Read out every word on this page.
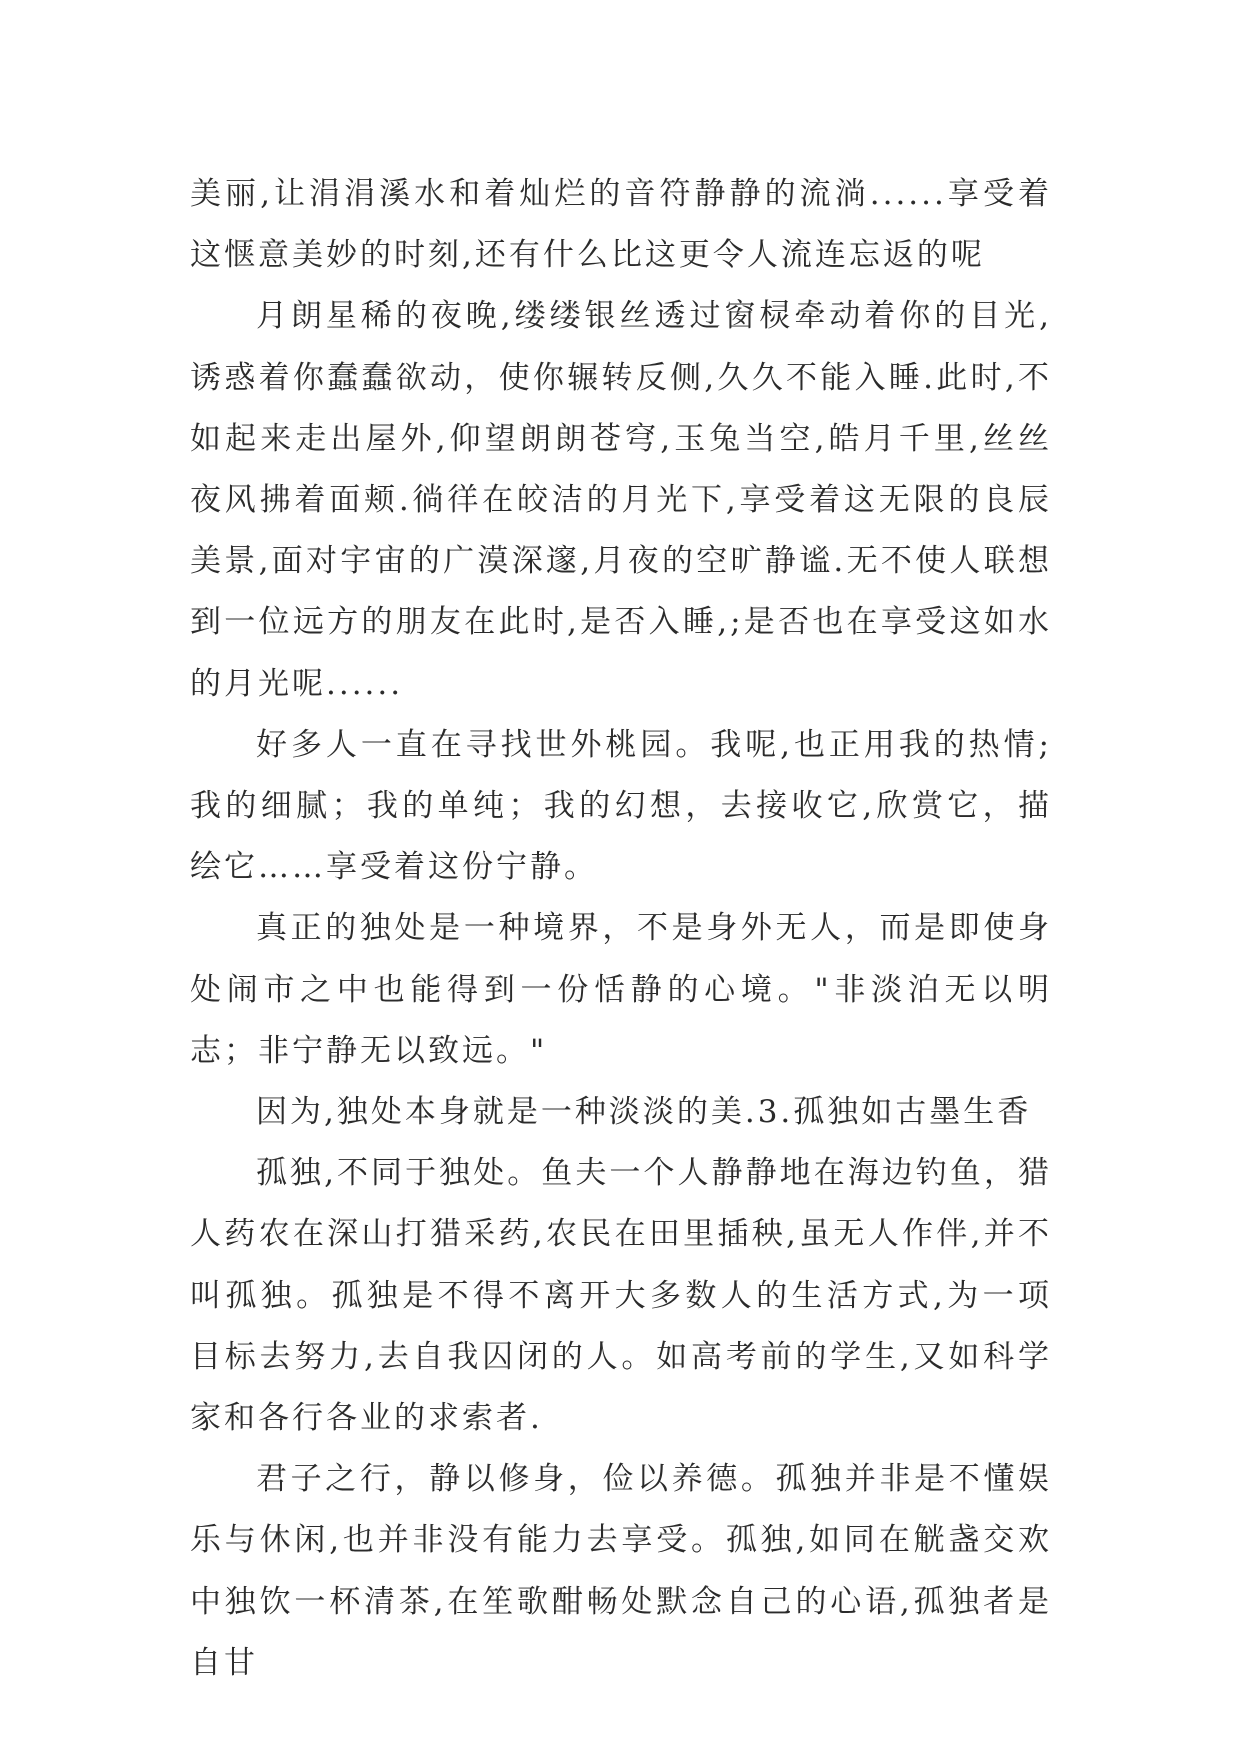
美丽,让涓涓溪水和着灿烂的音符静静的流淌......享受着这惬意美妙的时刻,还有什么比这更令人流连忘返的呢

月朗星稀的夜晚,缕缕银丝透过窗棂牵动着你的目光,诱惑着你蠢蠢欲动，使你辗转反侧,久久不能入睡.此时,不如起来走出屋外,仰望朗朗苍穹,玉兔当空,皓月千里,丝丝夜风拂着面颊.徜徉在皎洁的月光下,享受着这无限的良辰美景,面对宇宙的广漠深邃,月夜的空旷静谧.无不使人联想到一位远方的朋友在此时,是否入睡,;是否也在享受这如水的月光呢......

好多人一直在寻找世外桃园。我呢,也正用我的热情;我的细腻；我的单纯；我的幻想，去接收它,欣赏它，描绘它……享受着这份宁静。

真正的独处是一种境界，不是身外无人，而是即使身处闹市之中也能得到一份恬静的心境。"非淡泊无以明志；非宁静无以致远。"

因为,独处本身就是一种淡淡的美.3.孤独如古墨生香

孤独,不同于独处。鱼夫一个人静静地在海边钓鱼，猎人药农在深山打猎采药,农民在田里插秧,虽无人作伴,并不叫孤独。孤独是不得不离开大多数人的生活方式,为一项目标去努力,去自我囚闭的人。如高考前的学生,又如科学家和各行各业的求索者.

君子之行，静以修身，俭以养德。孤独并非是不懂娱乐与休闲,也并非没有能力去享受。孤独,如同在觥盏交欢中独饮一杯清茶,在笙歌酣畅处默念自己的心语,孤独者是自甘
